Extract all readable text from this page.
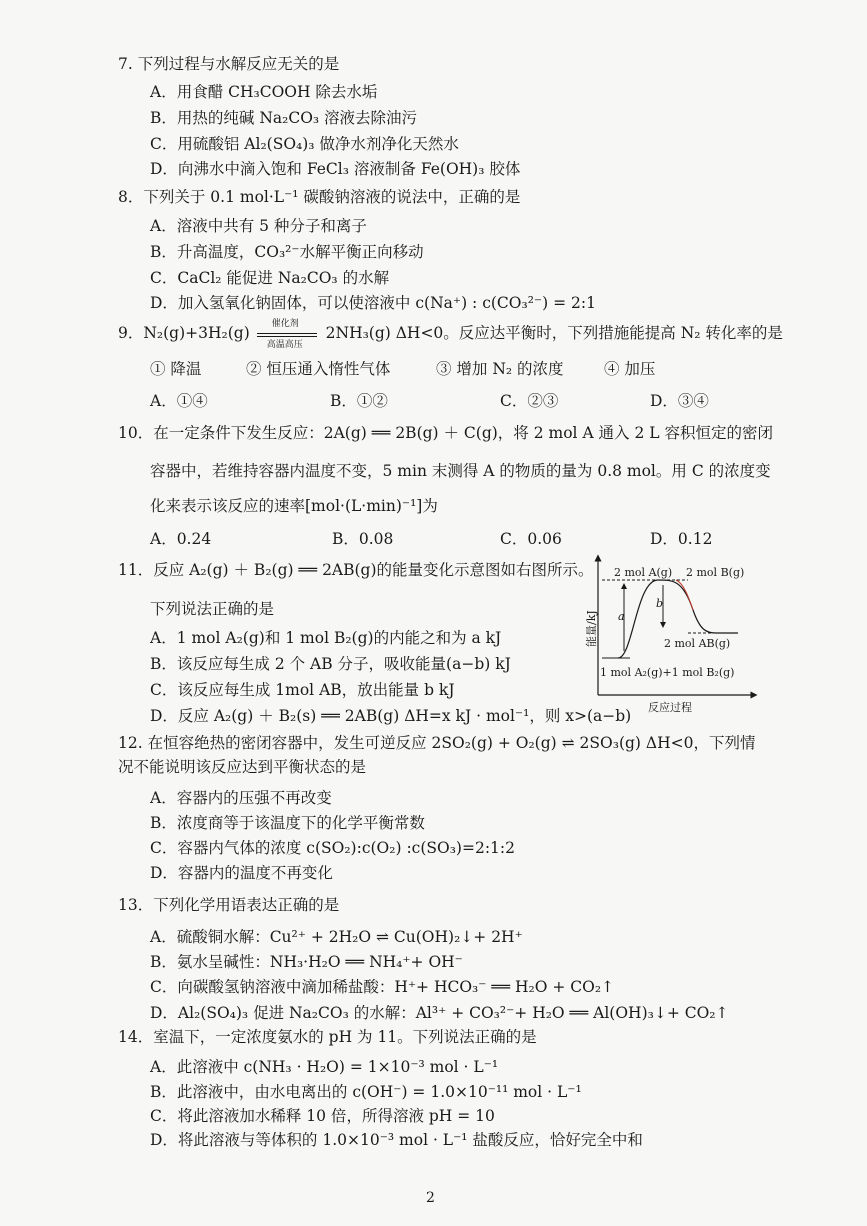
7. 下列过程与水解反应无关的是
A．用食醋 CH₃COOH 除去水垢
B．用热的纯碱 Na₂CO₃ 溶液去除油污
C．用硫酸铝 Al₂(SO₄)₃ 做净水剂净化天然水
D．向沸水中滴入饱和 FeCl₃ 溶液制备 Fe(OH)₃ 胶体
8．下列关于 0.1 mol·L⁻¹ 碳酸钠溶液的说法中，正确的是
A．溶液中共有 5 种分子和离子
B．升高温度，CO₃²⁻水解平衡正向移动
C．CaCl₂ 能促进 Na₂CO₃ 的水解
D．加入氢氧化钠固体，可以使溶液中 c(Na⁺) : c(CO₃²⁻) = 2:1
9．N₂(g)+3H₂(g) 催化剂
高温高压
2NH₃(g) ΔH<0。反应达平衡时，下列措施能提高 N₂ 转化率的是
① 降温	② 恒压通入惰性气体	③ 增加 N₂ 的浓度	④ 加压
A．①④	B．①②	C．②③	D．③④
10．在一定条件下发生反应：2A(g) ══ 2B(g) ＋ C(g)，将 2 mol A 通入 2 L 容积恒定的密闭
容器中，若维持容器内温度不变，5 min 末测得 A 的物质的量为 0.8 mol。用 C 的浓度变
化来表示该反应的速率[mol·(L·min)⁻¹]为
A．0.24	B．0.08	C．0.06	D．0.12
11．反应 A₂(g) ＋ B₂(g) ══ 2AB(g)的能量变化示意图如右图所示。
下列说法正确的是
A．1 mol A₂(g)和 1 mol B₂(g)的内能之和为 a kJ
B．该反应每生成 2 个 AB 分子，吸收能量(a−b) kJ
C．该反应每生成 1mol AB，放出能量 b kJ
D．反应 A₂(g) ＋ B₂(s) ══ 2AB(g) ΔH=x kJ · mol⁻¹，则 x>(a−b)
能量/kJ
反应过程
2 mol A(g) 2 mol B(g)
2 mol AB(g)
a
b
1 mol A₂(g)+1 mol B₂(g)
12. 在恒容绝热的密闭容器中，发生可逆反应 2SO₂(g) + O₂(g) ⇌ 2SO₃(g) ΔH<0，下列情
况不能说明该反应达到平衡状态的是
A．容器内的压强不再改变
B．浓度商等于该温度下的化学平衡常数
C．容器内气体的浓度 c(SO₂):c(O₂) :c(SO₃)=2:1:2
D．容器内的温度不再变化
13．下列化学用语表达正确的是
A．硫酸铜水解：Cu²⁺ + 2H₂O ⇌ Cu(OH)₂↓+ 2H⁺
B．氨水呈碱性：NH₃·H₂O ══ NH₄⁺+ OH⁻
C．向碳酸氢钠溶液中滴加稀盐酸：H⁺+ HCO₃⁻ ══ H₂O + CO₂↑
D．Al₂(SO₄)₃ 促进 Na₂CO₃ 的水解：Al³⁺ + CO₃²⁻+ H₂O ══ Al(OH)₃↓+ CO₂↑
14．室温下，一定浓度氨水的 pH 为 11。下列说法正确的是
A．此溶液中 c(NH₃ · H₂O) = 1×10⁻³ mol · L⁻¹
B．此溶液中，由水电离出的 c(OH⁻) = 1.0×10⁻¹¹ mol · L⁻¹
C．将此溶液加水稀释 10 倍，所得溶液 pH = 10
D．将此溶液与等体积的 1.0×10⁻³ mol · L⁻¹ 盐酸反应，恰好完全中和
2
